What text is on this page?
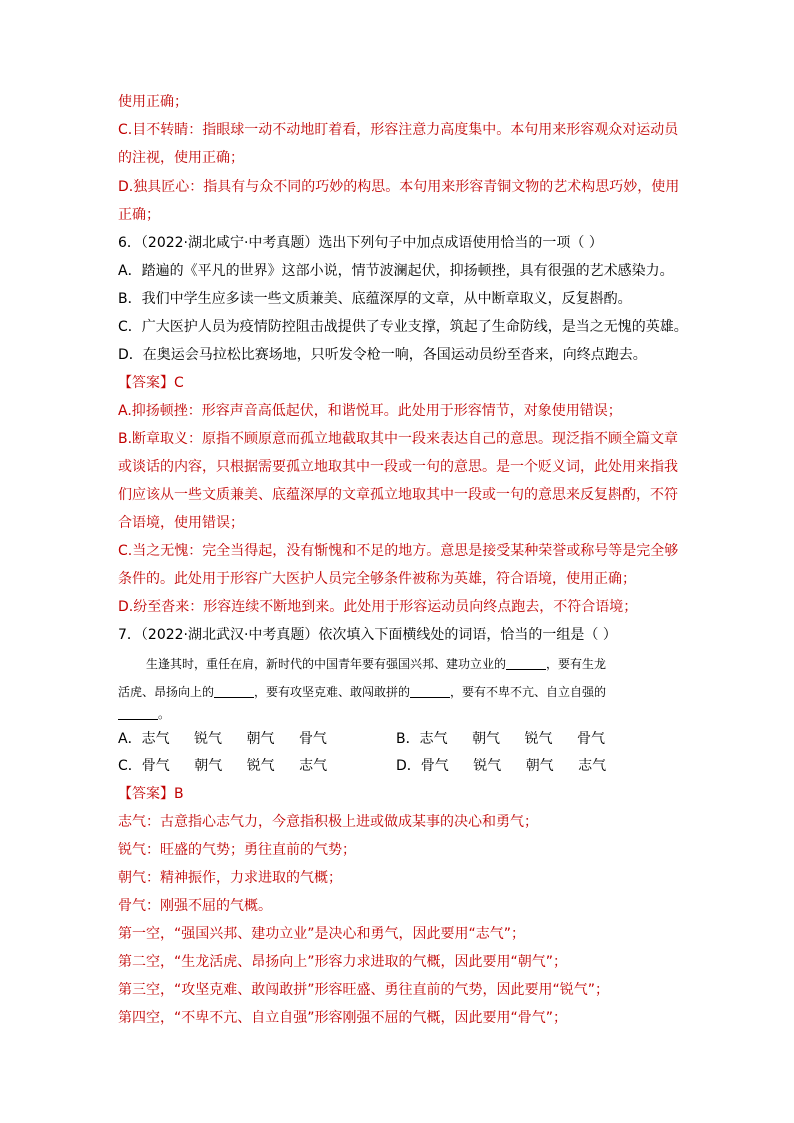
使用正确；
C.目不转睛：指眼球一动不动地盯着看，形容注意力高度集中。本句用来形容观众对运动员
的注视，使用正确；
D.独具匠心：指具有与众不同的巧妙的构思。本句用来形容青铜文物的艺术构思巧妙，使用
正确；
6．（2022·湖北咸宁·中考真题）选出下列句子中加点成语使用恰当的一项（ ）
A．踏遍的《平凡的世界》这部小说，情节波澜起伏，抑扬顿挫，具有很强的艺术感染力。
B．我们中学生应多读一些文质兼美、底蕴深厚的文章，从中断章取义，反复斟酌。
C．广大医护人员为疫情防控阻击战提供了专业支撑，筑起了生命防线，是当之无愧的英雄。
D．在奥运会马拉松比赛场地，只听发令枪一响，各国运动员纷至沓来，向终点跑去。
【答案】C
A.抑扬顿挫：形容声音高低起伏，和谐悦耳。此处用于形容情节，对象使用错误；
B.断章取义：原指不顾原意而孤立地截取其中一段来表达自己的意思。现泛指不顾全篇文章
或谈话的内容，只根据需要孤立地取其中一段或一句的意思。是一个贬义词，此处用来指我
们应该从一些文质兼美、底蕴深厚的文章孤立地取其中一段或一句的意思来反复斟酌，不符
合语境，使用错误；
C.当之无愧：完全当得起，没有惭愧和不足的地方。意思是接受某种荣誉或称号等是完全够
条件的。此处用于形容广大医护人员完全够条件被称为英雄，符合语境，使用正确；
D.纷至沓来：形容连续不断地到来。此处用于形容运动员向终点跑去，不符合语境；
7．（2022·湖北武汉·中考真题）依次填入下面横线处的词语，恰当的一组是（ ）
生逢其时，重任在肩，新时代的中国青年要有强国兴邦、建功立业的	，要有生龙
活虎、昂扬向上的	，要有攻坚克难、敢闯敢拼的	，要有不卑不亢、自立自强的
。
A．志气 锐气 朝气 骨气	B．志气 朝气 锐气 骨气
C．骨气 朝气 锐气 志气	D．骨气 锐气 朝气 志气
【答案】B
志气：古意指心志气力，今意指积极上进或做成某事的决心和勇气；
锐气：旺盛的气势；勇往直前的气势；
朝气：精神振作，力求进取的气概；
骨气：刚强不屈的气概。
第一空，“强国兴邦、建功立业”是决心和勇气，因此要用“志气”；
第二空，“生龙活虎、昂扬向上”形容力求进取的气概，因此要用“朝气”；
第三空，“攻坚克难、敢闯敢拼”形容旺盛、勇往直前的气势，因此要用“锐气”；
第四空，“不卑不亢、自立自强”形容刚强不屈的气概，因此要用“骨气”；
